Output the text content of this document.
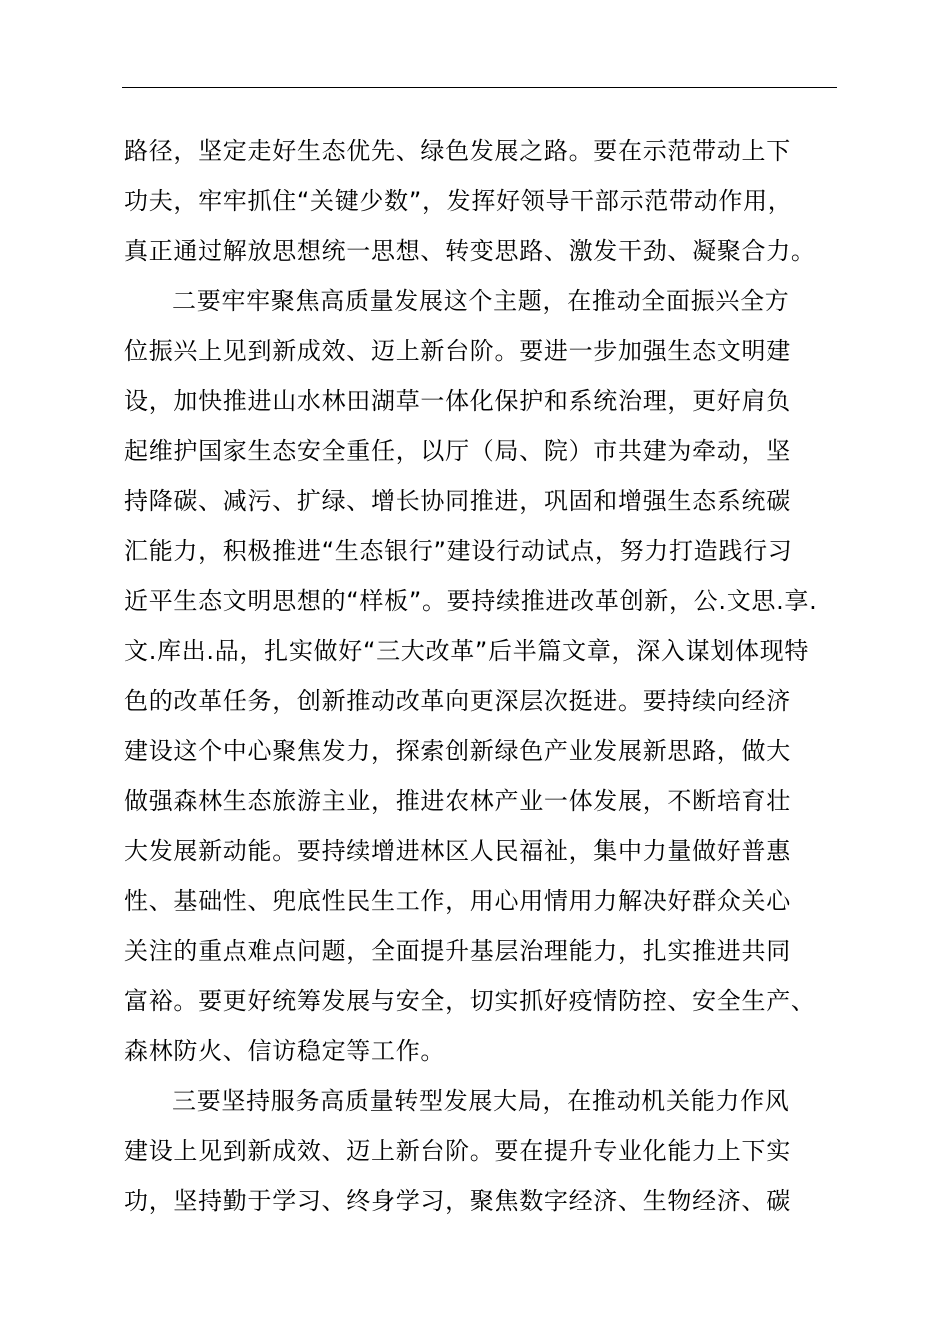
路径，坚定走好生态优先、绿色发展之路。要在示范带动上下
功夫，牢牢抓住“关键少数”，发挥好领导干部示范带动作用，
真正通过解放思想统一思想、转变思路、激发干劲、凝聚合力。
二要牢牢聚焦高质量发展这个主题，在推动全面振兴全方
位振兴上见到新成效、迈上新台阶。要进一步加强生态文明建
设，加快推进山水林田湖草一体化保护和系统治理，更好肩负
起维护国家生态安全重任，以厅（局、院）市共建为牵动，坚
持降碳、减污、扩绿、增长协同推进，巩固和增强生态系统碳
汇能力，积极推进“生态银行”建设行动试点，努力打造践行习
近平生态文明思想的“样板”。要持续推进改革创新，公.文思.享.
文.库出.品，扎实做好“三大改革”后半篇文章，深入谋划体现特
色的改革任务，创新推动改革向更深层次挺进。要持续向经济
建设这个中心聚焦发力，探索创新绿色产业发展新思路，做大
做强森林生态旅游主业，推进农林产业一体发展，不断培育壮
大发展新动能。要持续增进林区人民福祉，集中力量做好普惠
性、基础性、兜底性民生工作，用心用情用力解决好群众关心
关注的重点难点问题，全面提升基层治理能力，扎实推进共同
富裕。要更好统筹发展与安全，切实抓好疫情防控、安全生产、
森林防火、信访稳定等工作。
三要坚持服务高质量转型发展大局，在推动机关能力作风
建设上见到新成效、迈上新台阶。要在提升专业化能力上下实
功，坚持勤于学习、终身学习，聚焦数字经济、生物经济、碳
